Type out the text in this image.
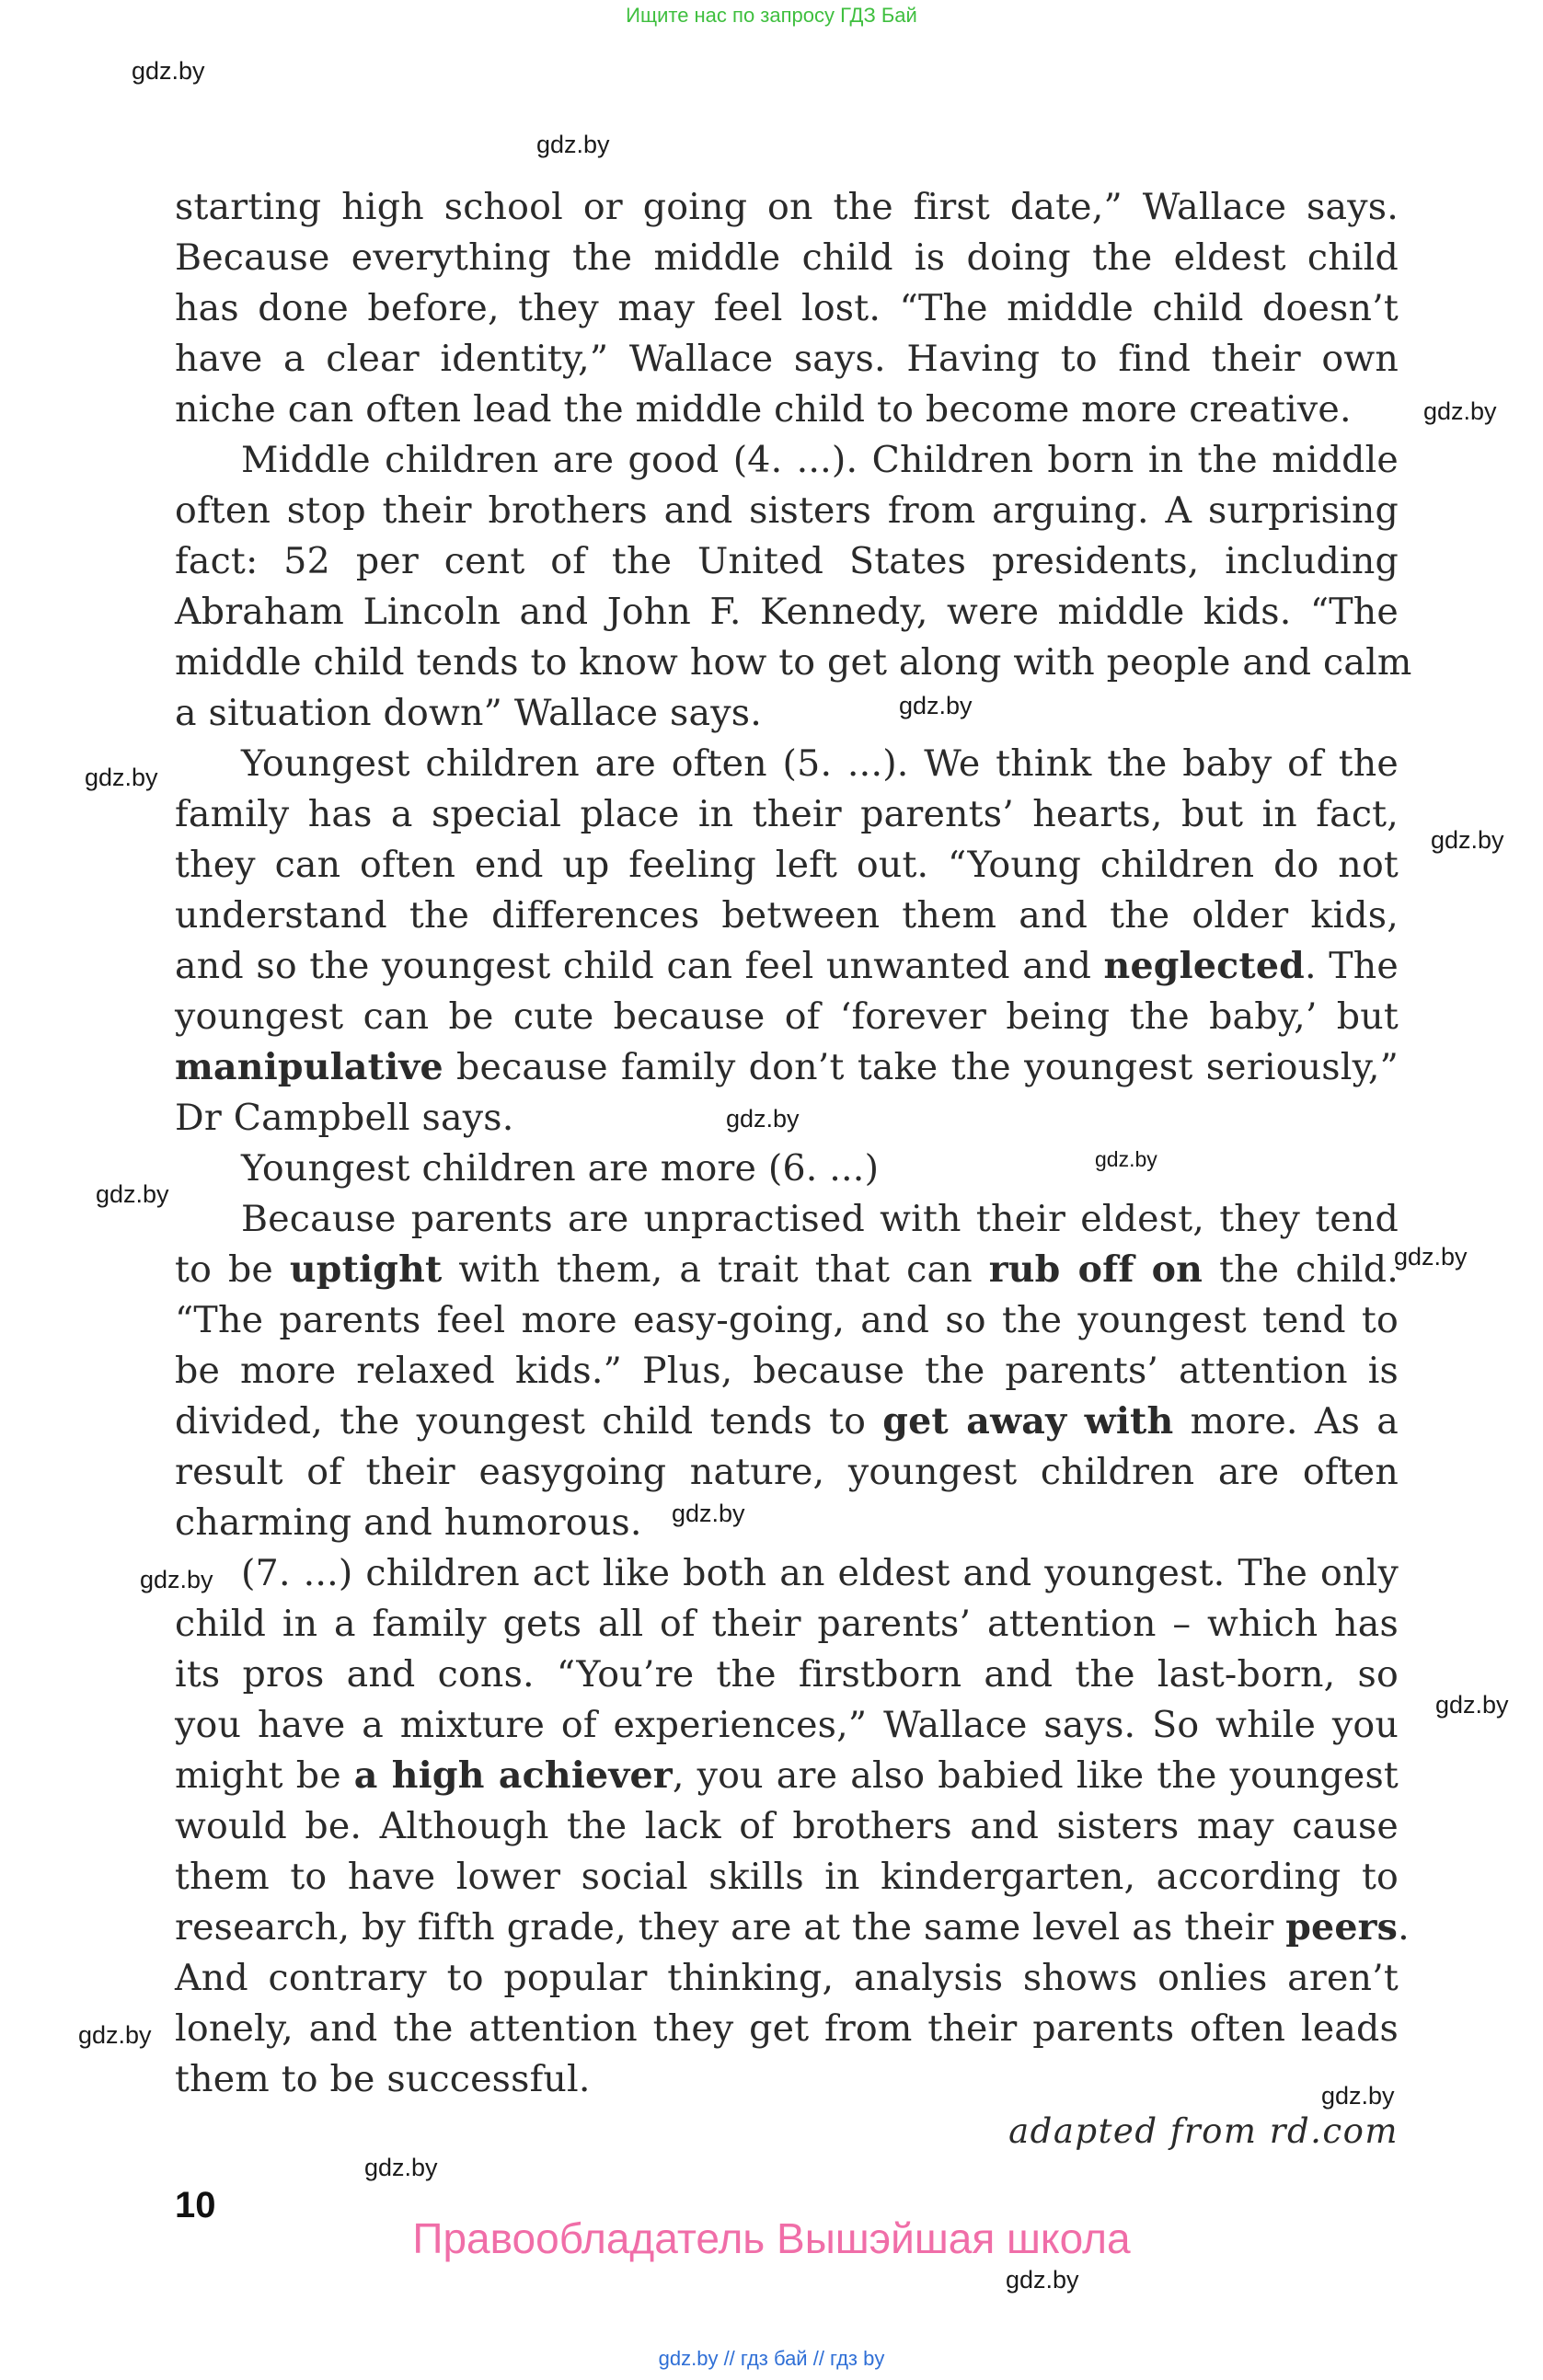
Ищите нас по запросу ГДЗ Бай
gdz.by
gdz.by
gdz.by
gdz.by
gdz.by
gdz.by
gdz.by
gdz.by
gdz.by
gdz.by
gdz.by
gdz.by
gdz.by
gdz.by
gdz.by
gdz.by
gdz.by
starting high school or going on the first date,” Wallace says.
Because everything the middle child is doing the eldest child
has done before, they may feel lost. “The middle child doesn’t
have a clear identity,” Wallace says. Having to find their own
niche can often lead the middle child to become more creative.
Middle children are good (4. ...). Children born in the middle
often stop their brothers and sisters from arguing. A surprising
fact: 52 per cent of the United States presidents, including
Abraham Lincoln and John F. Kennedy, were middle kids. “The
middle child tends to know how to get along with people and calm
a situation down” Wallace says.
Youngest children are often (5. ...). We think the baby of the
family has a special place in their parents’ hearts, but in fact,
they can often end up feeling left out. “Young children do not
understand the differences between them and the older kids,
and so the youngest child can feel unwanted and neglected. The
youngest can be cute because of ‘forever being the baby,’ but
manipulative because family don’t take the youngest seriously,”
Dr Campbell says.
Youngest children are more (6. ...)
Because parents are unpractised with their eldest, they tend
to be uptight with them, a trait that can rub off on the child.
“The parents feel more easy-going, and so the youngest tend to
be more relaxed kids.” Plus, because the parents’ attention is
divided, the youngest child tends to get away with more. As a
result of their easygoing nature, youngest children are often
charming and humorous.
(7. ...) children act like both an eldest and youngest. The only
child in a family gets all of their parents’ attention – which has
its pros and cons. “You’re the firstborn and the last-born, so
you have a mixture of experiences,” Wallace says. So while you
might be a high achiever, you are also babied like the youngest
would be. Although the lack of brothers and sisters may cause
them to have lower social skills in kindergarten, according to
research, by fifth grade, they are at the same level as their peers.
And contrary to popular thinking, analysis shows onlies aren’t
lonely, and the attention they get from their parents often leads
them to be successful.
adapted from rd.com
10
Правообладатель Вышэйшая школа
gdz.by // гдз бай // гдз by
